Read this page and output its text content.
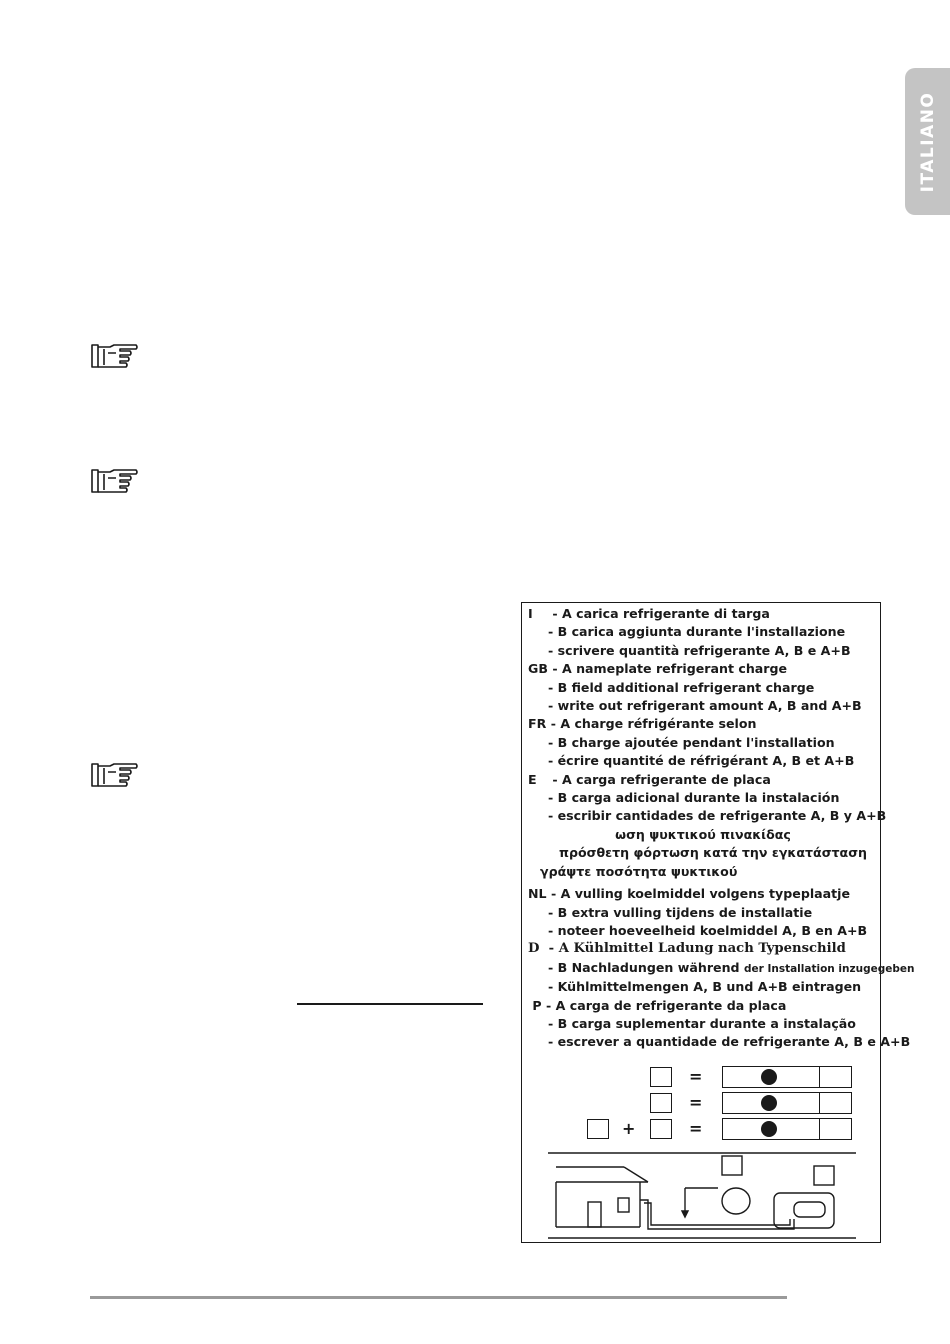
ITALIANO
I - A carica refrigerante di targa
- B carica aggiunta durante l'installazione
- scrivere quantità refrigerante A, B e A+B
GB - A nameplate refrigerant charge
- B field additional refrigerant charge
- write out refrigerant amount A, B and A+B
FR - A charge réfrigérante selon
- B charge ajoutée pendant l'installation
- écrire quantité de réfrigérant A, B et A+B
E - A carga refrigerante de placa
- B carga adicional durante la instalación
- escribir cantidades de refrigerante A, B y A+B
ωση ψυκτικού πινακίδας
πρόσθετη φόρτωση κατά την εγκατάσταση
γράψτε ποσότητα ψυκτικού
NL - A vulling koelmiddel volgens typeplaatje
- B extra vulling tijdens de installatie
- noteer hoeveelheid koelmiddel A, B en A+B
D - A Kühlmittel Ladung nach Typenschild
- B Nachladungen während der Installation inzugegeben
- Kühlmittelmengen A, B und A+B eintragen
P - A carga de refrigerante da placa
- B carga suplementar durante a instalação
- escrever a quantidade de refrigerante A, B e A+B
=
=
+	=
